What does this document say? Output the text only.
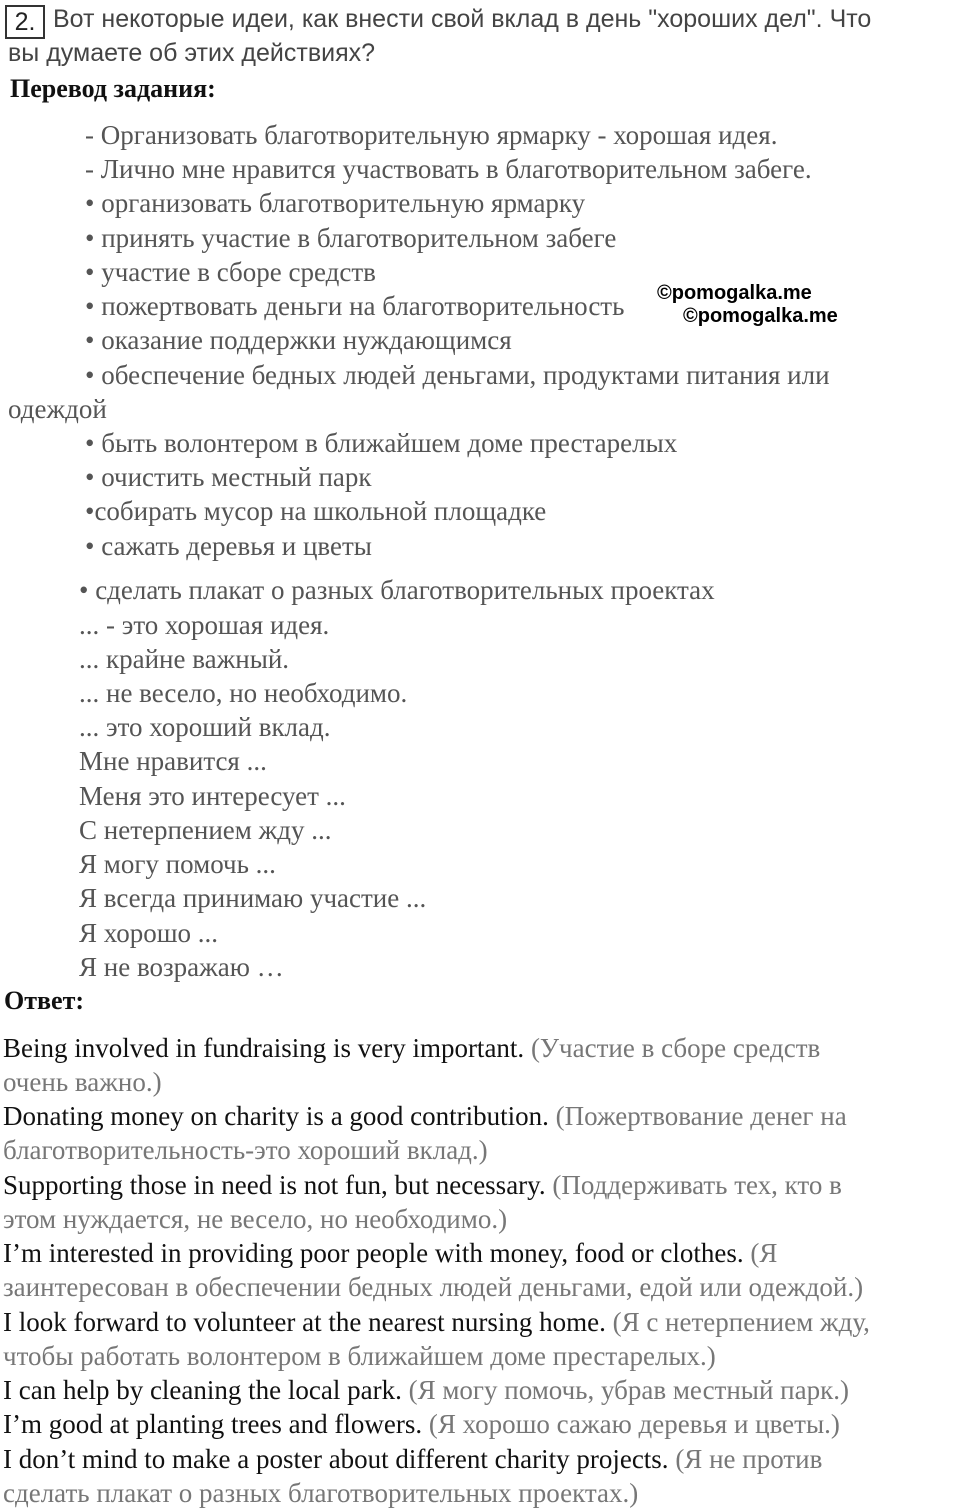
2. Вот некоторые идеи, как внести свой вклад в день "хороших дел". Что
вы думаете об этих действиях?
Перевод задания:
- Организовать благотворительную ярмарку - хорошая идея.
- Лично мне нравится участвовать в благотворительном забеге.
• организовать благотворительную ярмарку
• принять участие в благотворительном забеге
• участие в сборе средств
• пожертвовать деньги на благотворительность
• оказание поддержки нуждающимся
• обеспечение бедных людей деньгами, продуктами питания или
одеждой
• быть волонтером в ближайшем доме престарелых
• очистить местный парк
•собирать мусор на школьной площадке
• сажать деревья и цветы
©pomogalka.me
©pomogalka.me
• сделать плакат о разных благотворительных проектах
... - это хорошая идея.
... крайне важный.
... не весело, но необходимо.
... это хороший вклад.
Мне нравится ...
Меня это интересует ...
С нетерпением жду ...
Я могу помочь ...
Я всегда принимаю участие ...
Я хорошо ...
Я не возражаю …
Ответ:
Being involved in fundraising is very important. (Участие в сборе средств
очень важно.)
Donating money on charity is a good contribution. (Пожертвование денег на
благотворительность-это хороший вклад.)
Supporting those in need is not fun, but necessary. (Поддерживать тех, кто в
этом нуждается, не весело, но необходимо.)
I’m interested in providing poor people with money, food or clothes. (Я
заинтересован в обеспечении бедных людей деньгами, едой или одеждой.)
I look forward to volunteer at the nearest nursing home. (Я с нетерпением жду,
чтобы работать волонтером в ближайшем доме престарелых.)
I can help by cleaning the local park. (Я могу помочь, убрав местный парк.)
I’m good at planting trees and flowers. (Я хорошо сажаю деревья и цветы.)
I don’t mind to make a poster about different charity projects. (Я не против
сделать плакат о разных благотворительных проектах.)
